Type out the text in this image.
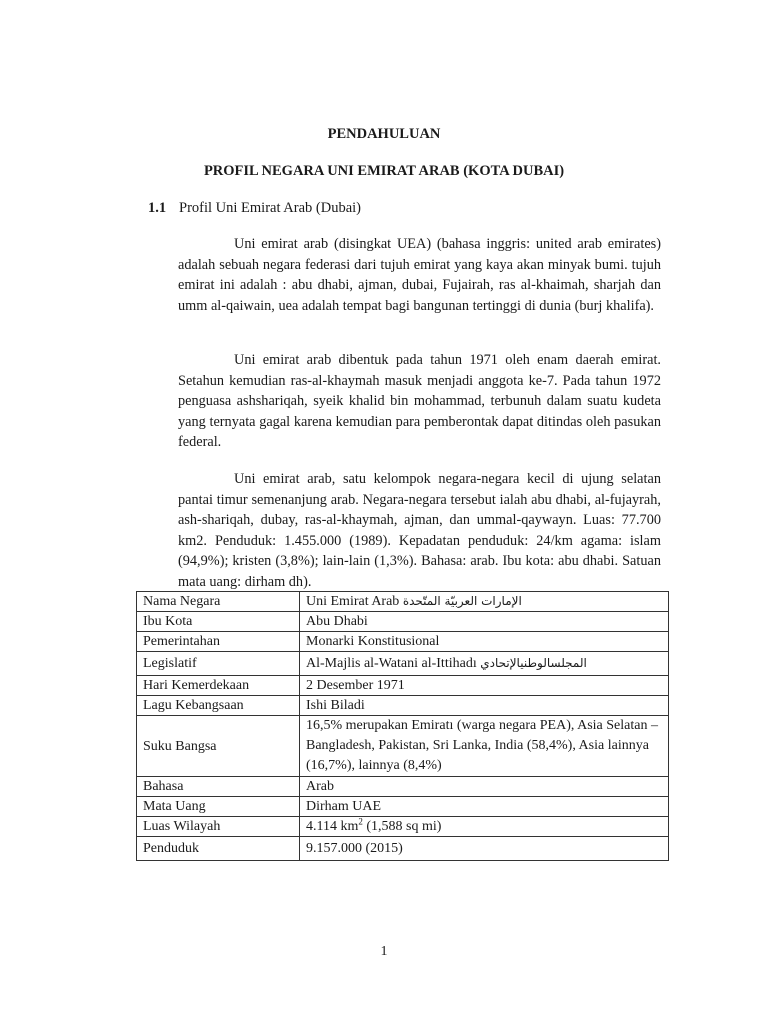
PENDAHULUAN
PROFIL NEGARA UNI EMIRAT ARAB (KOTA DUBAI)
1.1 Profil Uni Emirat Arab (Dubai)

Uni emirat arab (disingkat UEA) (bahasa inggris: united arab emirates) adalah sebuah negara federasi dari tujuh emirat yang kaya akan minyak bumi. tujuh emirat ini adalah : abu dhabi, ajman, dubai, Fujairah, ras al-khaimah, sharjah dan umm al-qaiwain, uea adalah tempat bagi bangunan tertinggi di dunia (burj khalifa).

Uni emirat arab dibentuk pada tahun 1971 oleh enam daerah emirat. Setahun kemudian ras-al-khaymah masuk menjadi anggota ke-7. Pada tahun 1972 penguasa ashshariqah, syeik khalid bin mohammad, terbunuh dalam suatu kudeta yang ternyata gagal karena kemudian para pemberontak dapat ditindas oleh pasukan federal.

Uni emirat arab, satu kelompok negara-negara kecil di ujung selatan pantai timur semenanjung arab. Negara-negara tersebut ialah abu dhabi, al-fujayrah, ash-shariqah, dubay, ras-al-khaymah, ajman, dan ummal-qaywayn. Luas: 77.700 km2. Penduduk: 1.455.000 (1989). Kepadatan penduduk: 24/km agama: islam (94,9%); kristen (3,8%); lain-lain (1,3%). Bahasa: arab. Ibu kota: abu dhabi. Satuan mata uang: dirham dh).

Nama Negara	Uni Emirat Arab الإمارات العربيّة المتّحدة
Ibu Kota	Abu Dhabi
Pemerintahan	Monarki Konstitusional
Legislatif	Al-Majlis al-Watani al-Ittihadı المجلسالوطنيالإتحادي
Hari Kemerdekaan	2 Desember 1971
Lagu Kebangsaan	Ishi Biladi
Suku Bangsa	16,5% merupakan Emiratı (warga negara PEA), Asia Selatan – Bangladesh, Pakistan, Sri Lanka, India (58,4%), Asia lainnya (16,7%), lainnya (8,4%)
Bahasa	Arab
Mata Uang	Dirham UAE
Luas Wilayah	4.114 $km^2$ (1,588 sq mi)
Penduduk	9.157.000 (2015)
1
